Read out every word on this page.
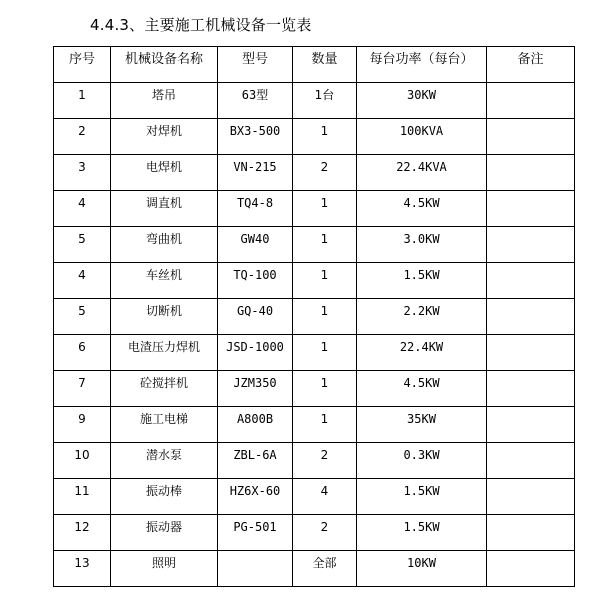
4.4.3、主要施工机械设备一览表
序号	机械设备名称	型号	数量	每台功率（每台）	备注
1	塔吊	63型	1台	30KW	
2	对焊机	BX3-500	1	100KVA	
3	电焊机	VN-215	2	22.4KVA	
4	调直机	TQ4-8	1	4.5KW	
5	弯曲机	GW40	1	3.0KW	
4	车丝机	TQ-100	1	1.5KW	
5	切断机	GQ-40	1	2.2KW	
6	电渣压力焊机	JSD-1000	1	22.4KW	
7	砼搅拌机	JZM350	1	4.5KW	
9	施工电梯	A800B	1	35KW	
10	潜水泵	ZBL-6A	2	0.3KW	
11	振动棒	HZ6X-60	4	1.5KW	
12	振动器	PG-501	2	1.5KW	
13	照明		全部	10KW	
